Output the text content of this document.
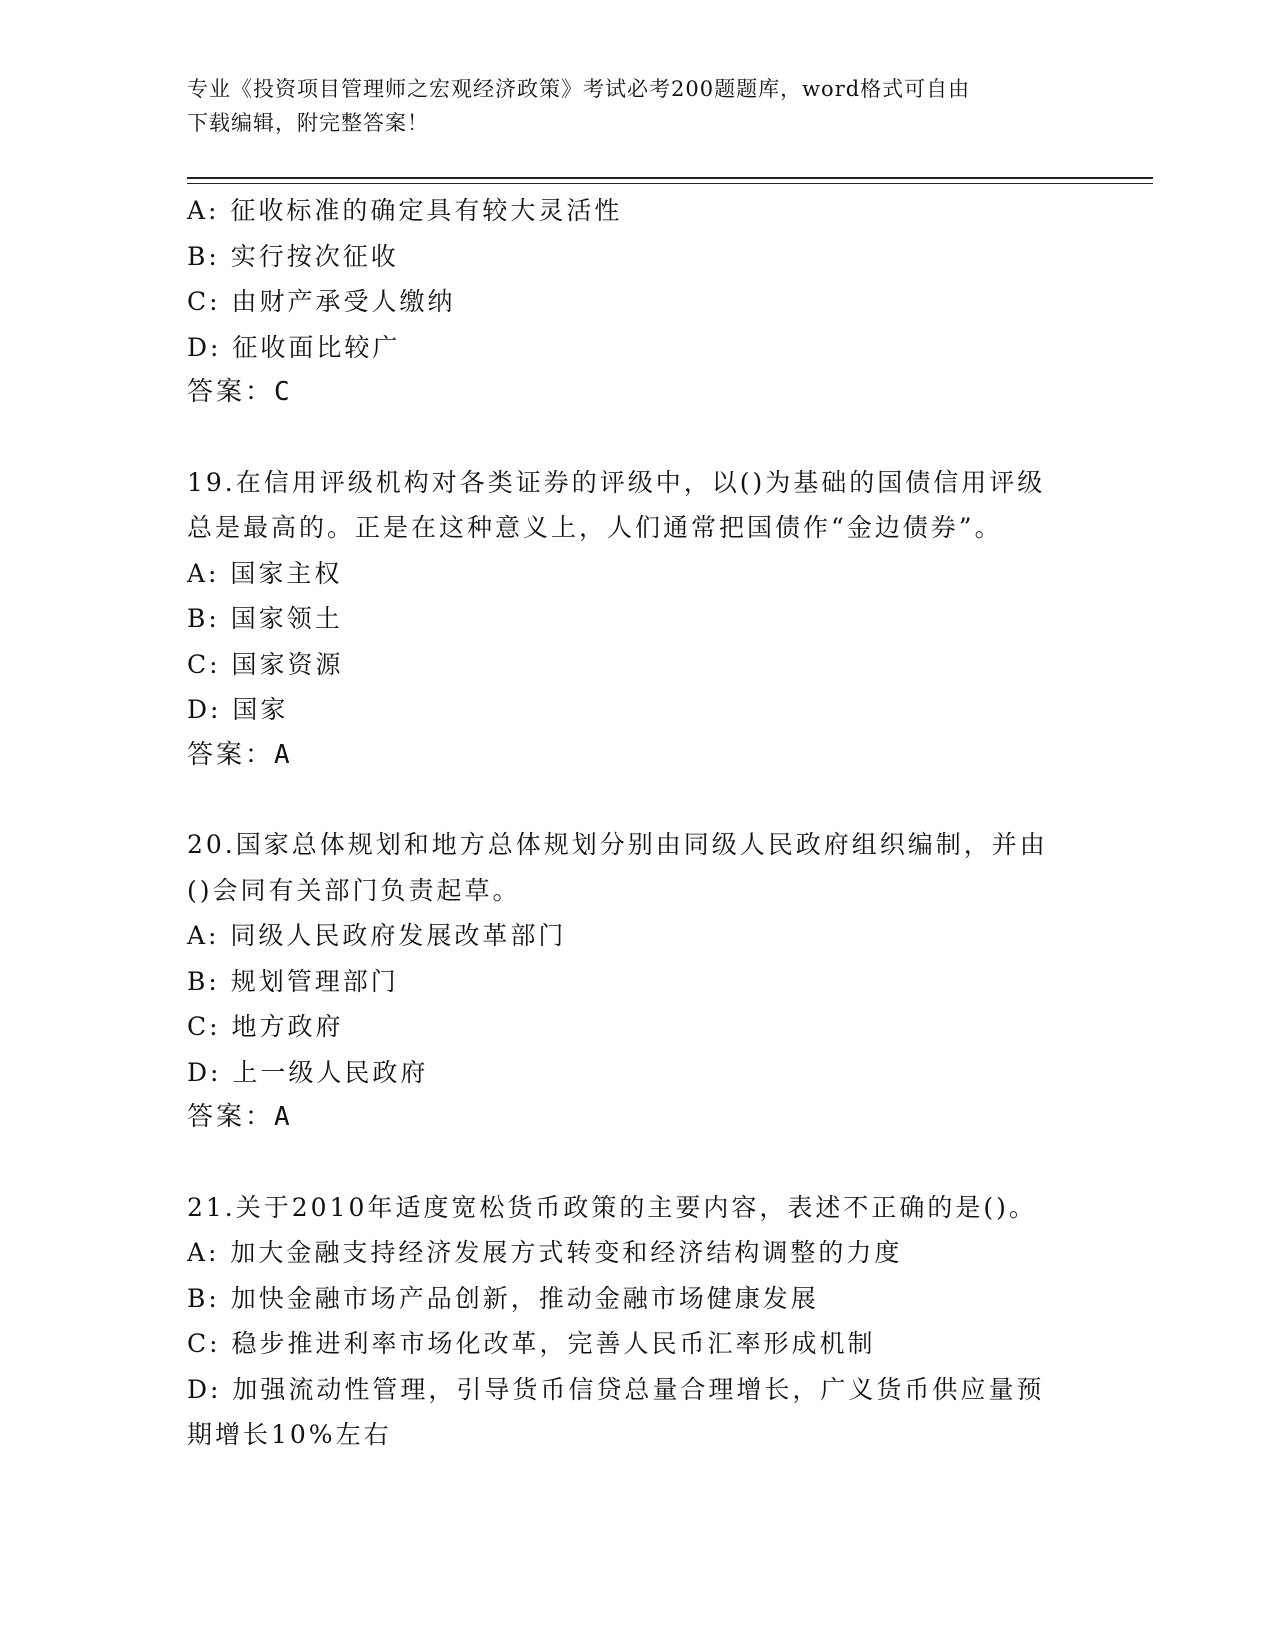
专业《投资项目管理师之宏观经济政策》考试必考200题题库，word格式可自由
下载编辑，附完整答案！
A: 征收标准的确定具有较大灵活性
B: 实行按次征收
C: 由财产承受人缴纳
D: 征收面比较广
答案：C
19.在信用评级机构对各类证券的评级中，以()为基础的国债信用评级
总是最高的。正是在这种意义上，人们通常把国债作“金边债券”。
A: 国家主权
B: 国家领土
C: 国家资源
D: 国家
答案：A
20.国家总体规划和地方总体规划分别由同级人民政府组织编制，并由
()会同有关部门负责起草。
A: 同级人民政府发展改革部门
B: 规划管理部门
C: 地方政府
D: 上一级人民政府
答案：A
21.关于2010年适度宽松货币政策的主要内容，表述不正确的是()。
A: 加大金融支持经济发展方式转变和经济结构调整的力度
B: 加快金融市场产品创新，推动金融市场健康发展
C: 稳步推进利率市场化改革，完善人民币汇率形成机制
D: 加强流动性管理，引导货币信贷总量合理增长，广义货币供应量预
期增长10%左右
